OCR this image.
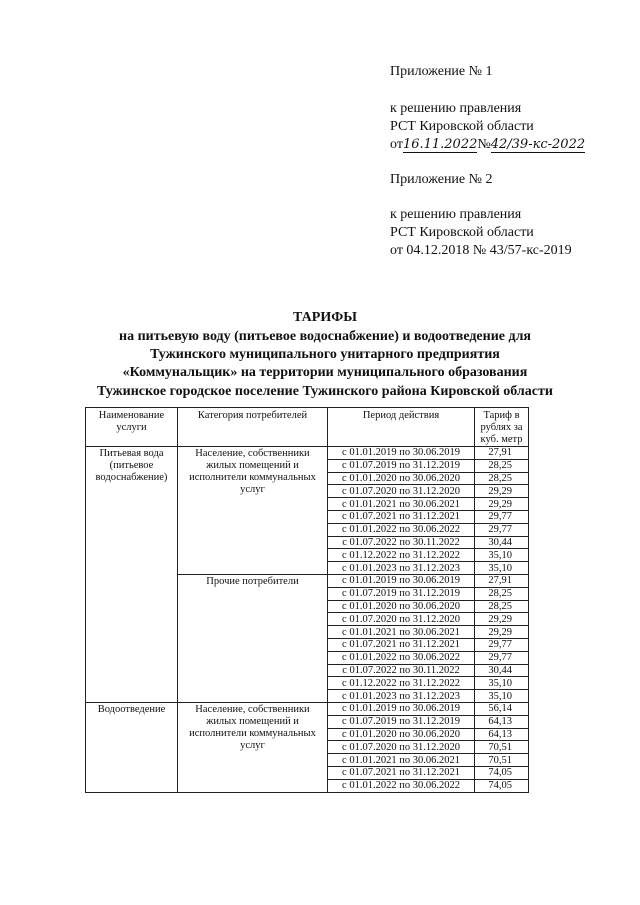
Приложение № 1
к решению правления
РСТ Кировской области
от16.11.2022№42/39-кс-2022
Приложение № 2
к решению правления
РСТ Кировской области
от 04.12.2018 № 43/57-кс-2019
ТАРИФЫ
на питьевую воду (питьевое водоснабжение) и водоотведение для
Тужинского муниципального унитарного предприятия
«Коммунальщик» на территории муниципального образования
Тужинское городское поселение Тужинского района Кировской области
Наименование услуги	Категория потребителей	Период действия	Тариф в рублях за куб. метр
Питьевая вода (питьевое водоснабжение)	Население, собственники жилых помещений и исполнители коммунальных услуг	с 01.01.2019 по 30.06.2019	27,91
		с 01.07.2019 по 31.12.2019	28,25
		с 01.01.2020 по 30.06.2020	28,25
		с 01.07.2020 по 31.12.2020	29,29
		с 01.01.2021 по 30.06.2021	29,29
		с 01.07.2021 по 31.12.2021	29,77
		с 01.01.2022 по 30.06.2022	29,77
		с 01.07.2022 по 30.11.2022	30,44
		с 01.12.2022 по 31.12.2022	35,10
		с 01.01.2023 по 31.12.2023	35,10
	Прочие потребители	с 01.01.2019 по 30.06.2019	27,91
		с 01.07.2019 по 31.12.2019	28,25
		с 01.01.2020 по 30.06.2020	28,25
		с 01.07.2020 по 31.12.2020	29,29
		с 01.01.2021 по 30.06.2021	29,29
		с 01.07.2021 по 31.12.2021	29,77
		с 01.01.2022 по 30.06.2022	29,77
		с 01.07.2022 по 30.11.2022	30,44
		с 01.12.2022 по 31.12.2022	35,10
		с 01.01.2023 по 31.12.2023	35,10
Водоотведение	Население, собственники жилых помещений и исполнители коммунальных услуг	с 01.01.2019 по 30.06.2019	56,14
		с 01.07.2019 по 31.12.2019	64,13
		с 01.01.2020 по 30.06.2020	64,13
		с 01.07.2020 по 31.12.2020	70,51
		с 01.01.2021 по 30.06.2021	70,51
		с 01.07.2021 по 31.12.2021	74,05
		с 01.01.2022 по 30.06.2022	74,05
